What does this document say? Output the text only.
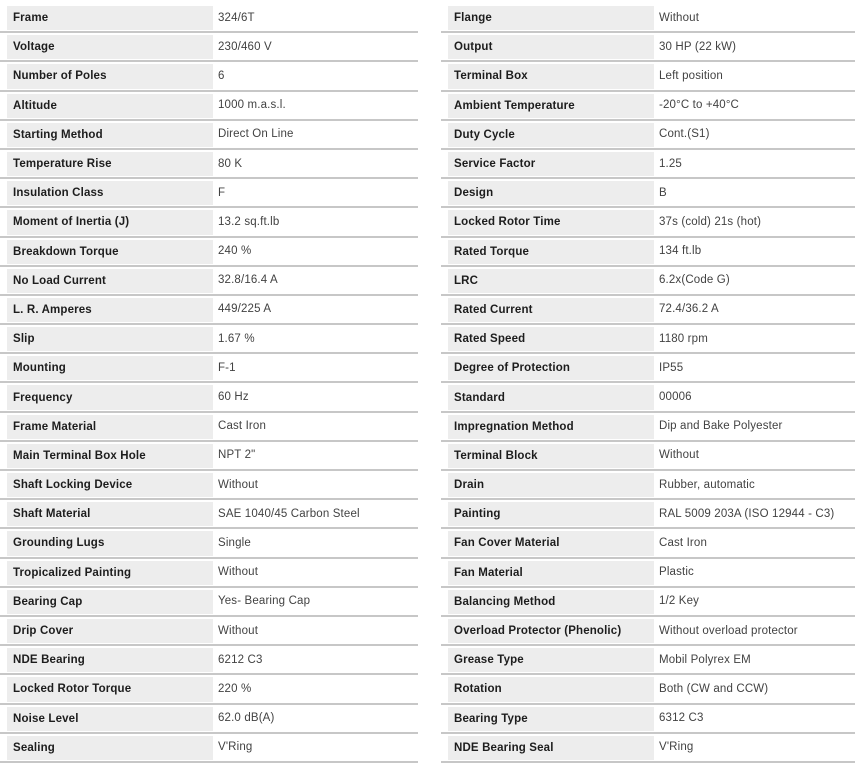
Frame	324/6T
Voltage	230/460 V
Number of Poles	6
Altitude	1000 m.a.s.l.
Starting Method	Direct On Line
Temperature Rise	80 K
Insulation Class	F
Moment of Inertia (J)	13.2 sq.ft.lb
Breakdown Torque	240 %
No Load Current	32.8/16.4 A
L. R. Amperes	449/225 A
Slip	1.67 %
Mounting	F-1
Frequency	60 Hz
Frame Material	Cast Iron
Main Terminal Box Hole	NPT 2"
Shaft Locking Device	Without
Shaft Material	SAE 1040/45 Carbon Steel
Grounding Lugs	Single
Tropicalized Painting	Without
Bearing Cap	Yes- Bearing Cap
Drip Cover	Without
NDE Bearing	6212 C3
Locked Rotor Torque	220 %
Noise Level	62.0 dB(A)
Sealing	V'Ring
Flange	Without
Output	30 HP (22 kW)
Terminal Box	Left position
Ambient Temperature	-20°C to +40°C
Duty Cycle	Cont.(S1)
Service Factor	1.25
Design	B
Locked Rotor Time	37s (cold) 21s (hot)
Rated Torque	134 ft.lb
LRC	6.2x(Code G)
Rated Current	72.4/36.2 A
Rated Speed	1180 rpm
Degree of Protection	IP55
Standard	00006
Impregnation Method	Dip and Bake Polyester
Terminal Block	Without
Drain	Rubber, automatic
Painting	RAL 5009 203A (ISO 12944 - C3)
Fan Cover Material	Cast Iron
Fan Material	Plastic
Balancing Method	1/2 Key
Overload Protector (Phenolic)	Without overload protector
Grease Type	Mobil Polyrex EM
Rotation	Both (CW and CCW)
Bearing Type	6312 C3
NDE Bearing Seal	V'Ring
